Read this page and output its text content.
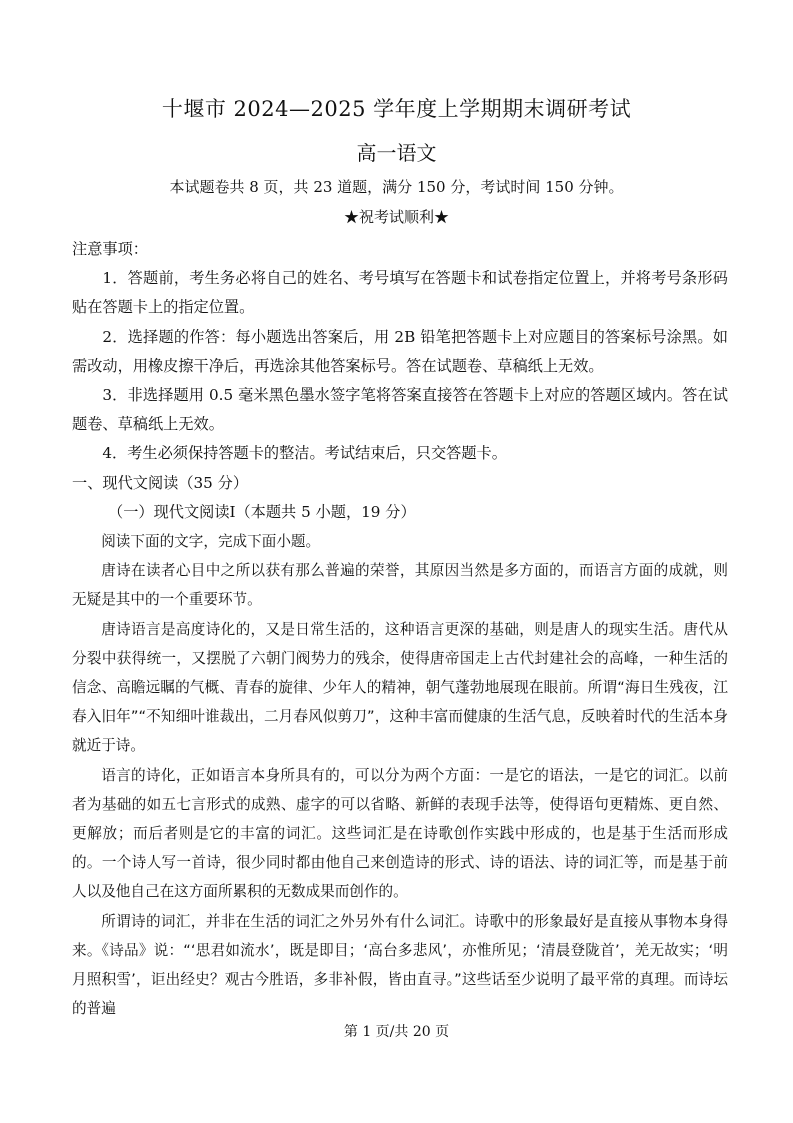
十堰市 2024—2025 学年度上学期期末调研考试
高一语文
本试题卷共 8 页，共 23 道题，满分 150 分，考试时间 150 分钟。
★祝考试顺利★

注意事项：

1．答题前，考生务必将自己的姓名、考号填写在答题卡和试卷指定位置上，并将考号条形码贴在答题卡上的指定位置。

2．选择题的作答：每小题选出答案后，用 2B 铅笔把答题卡上对应题目的答案标号涂黑。如需改动，用橡皮擦干净后，再选涂其他答案标号。答在试题卷、草稿纸上无效。

3．非选择题用 0.5 毫米黑色墨水签字笔将答案直接答在答题卡上对应的答题区域内。答在试题卷、草稿纸上无效。

4．考生必须保持答题卡的整洁。考试结束后，只交答题卡。

一、现代文阅读（35 分）

（一）现代文阅读Ⅰ（本题共 5 小题，19 分）

阅读下面的文字，完成下面小题。

唐诗在读者心目中之所以获有那么普遍的荣誉，其原因当然是多方面的，而语言方面的成就，则无疑是其中的一个重要环节。

唐诗语言是高度诗化的，又是日常生活的，这种语言更深的基础，则是唐人的现实生活。唐代从分裂中获得统一，又摆脱了六朝门阀势力的残余，使得唐帝国走上古代封建社会的高峰，一种生活的信念、高瞻远瞩的气概、青春的旋律、少年人的精神，朝气蓬勃地展现在眼前。所谓“海日生残夜，江春入旧年”“不知细叶谁裁出，二月春风似剪刀”，这种丰富而健康的生活气息，反映着时代的生活本身就近于诗。

语言的诗化，正如语言本身所具有的，可以分为两个方面：一是它的语法，一是它的词汇。以前者为基础的如五七言形式的成熟、虚字的可以省略、新鲜的表现手法等，使得语句更精炼、更自然、更解放；而后者则是它的丰富的词汇。这些词汇是在诗歌创作实践中形成的，也是基于生活而形成的。一个诗人写一首诗，很少同时都由他自己来创造诗的形式、诗的语法、诗的词汇等，而是基于前人以及他自己在这方面所累积的无数成果而创作的。

所谓诗的词汇，并非在生活的词汇之外另外有什么词汇。诗歌中的形象最好是直接从事物本身得来。《诗品》说：“‘思君如流水’，既是即目；‘高台多悲风’，亦惟所见；‘清晨登陇首’，羌无故实；‘明月照积雪’，讵出经史？观古今胜语，多非补假，皆由直寻。”这些话至少说明了最平常的真理。而诗坛的普遍

第 1 页/共 20 页
